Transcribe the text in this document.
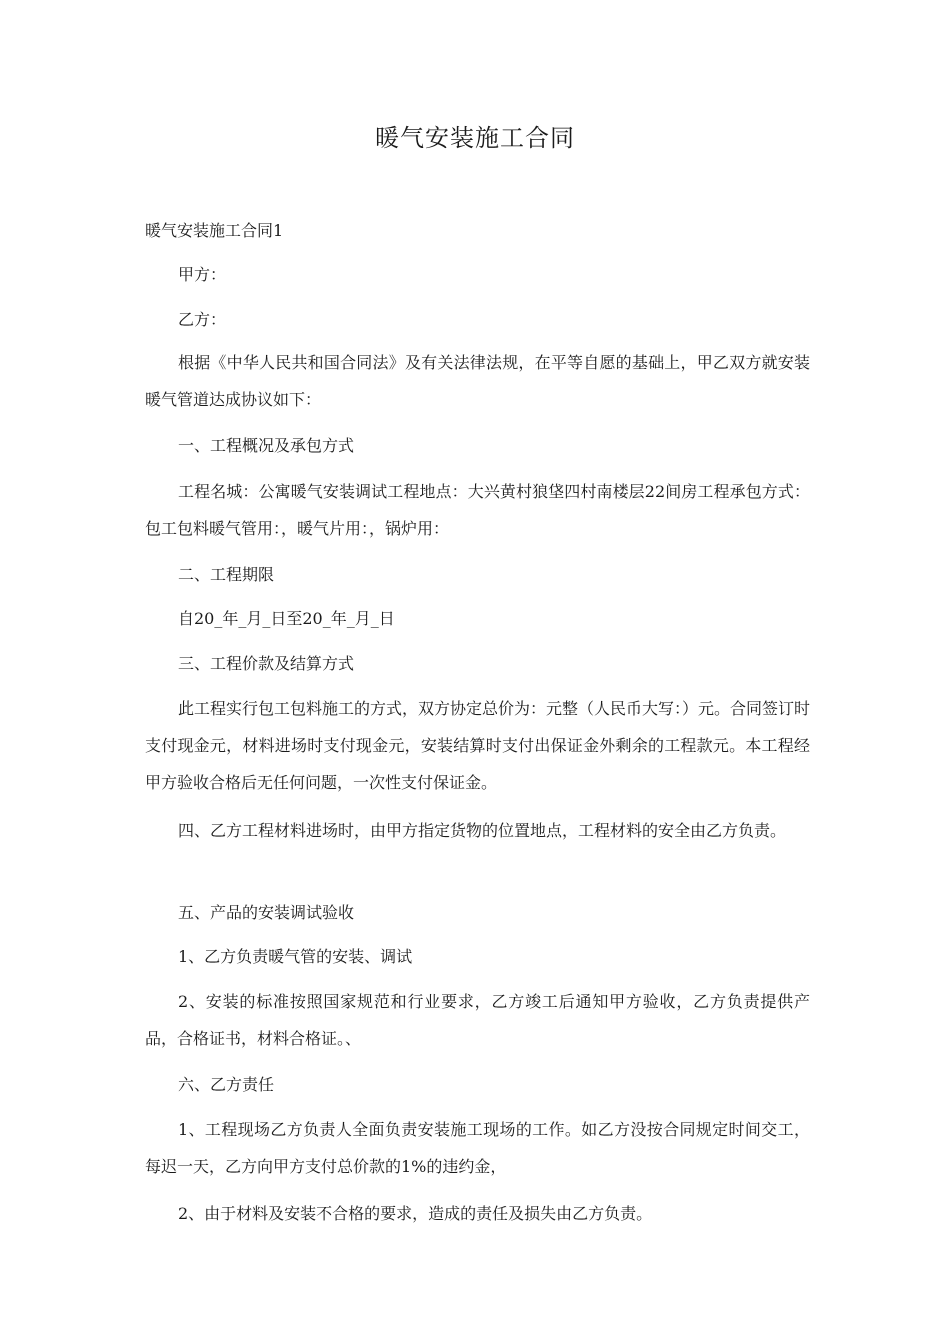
暖气安装施工合同

暖气安装施工合同1

甲方：

乙方：

根据《中华人民共和国合同法》及有关法律法规，在平等自愿的基础上，甲乙双方就安装暖气管道达成协议如下：

一、工程概况及承包方式

工程名城：公寓暖气安装调试工程地点：大兴黄村狼垡四村南楼层22间房工程承包方式：包工包料暖气管用：，暖气片用：，锅炉用：

二、工程期限

自20_年_月_日至20_年_月_日

三、工程价款及结算方式

此工程实行包工包料施工的方式，双方协定总价为：元整（人民币大写：）元。合同签订时支付现金元，材料进场时支付现金元，安装结算时支付出保证金外剩余的工程款元。本工程经甲方验收合格后无任何问题，一次性支付保证金。

四、乙方工程材料进场时，由甲方指定货物的位置地点，工程材料的安全由乙方负责。

五、产品的安装调试验收

1、乙方负责暖气管的安装、调试

2、安装的标准按照国家规范和行业要求，乙方竣工后通知甲方验收，乙方负责提供产品，合格证书，材料合格证。、

六、乙方责任

1、工程现场乙方负责人全面负责安装施工现场的工作。如乙方没按合同规定时间交工，每迟一天，乙方向甲方支付总价款的1%的违约金，

2、由于材料及安装不合格的要求，造成的责任及损失由乙方负责。
